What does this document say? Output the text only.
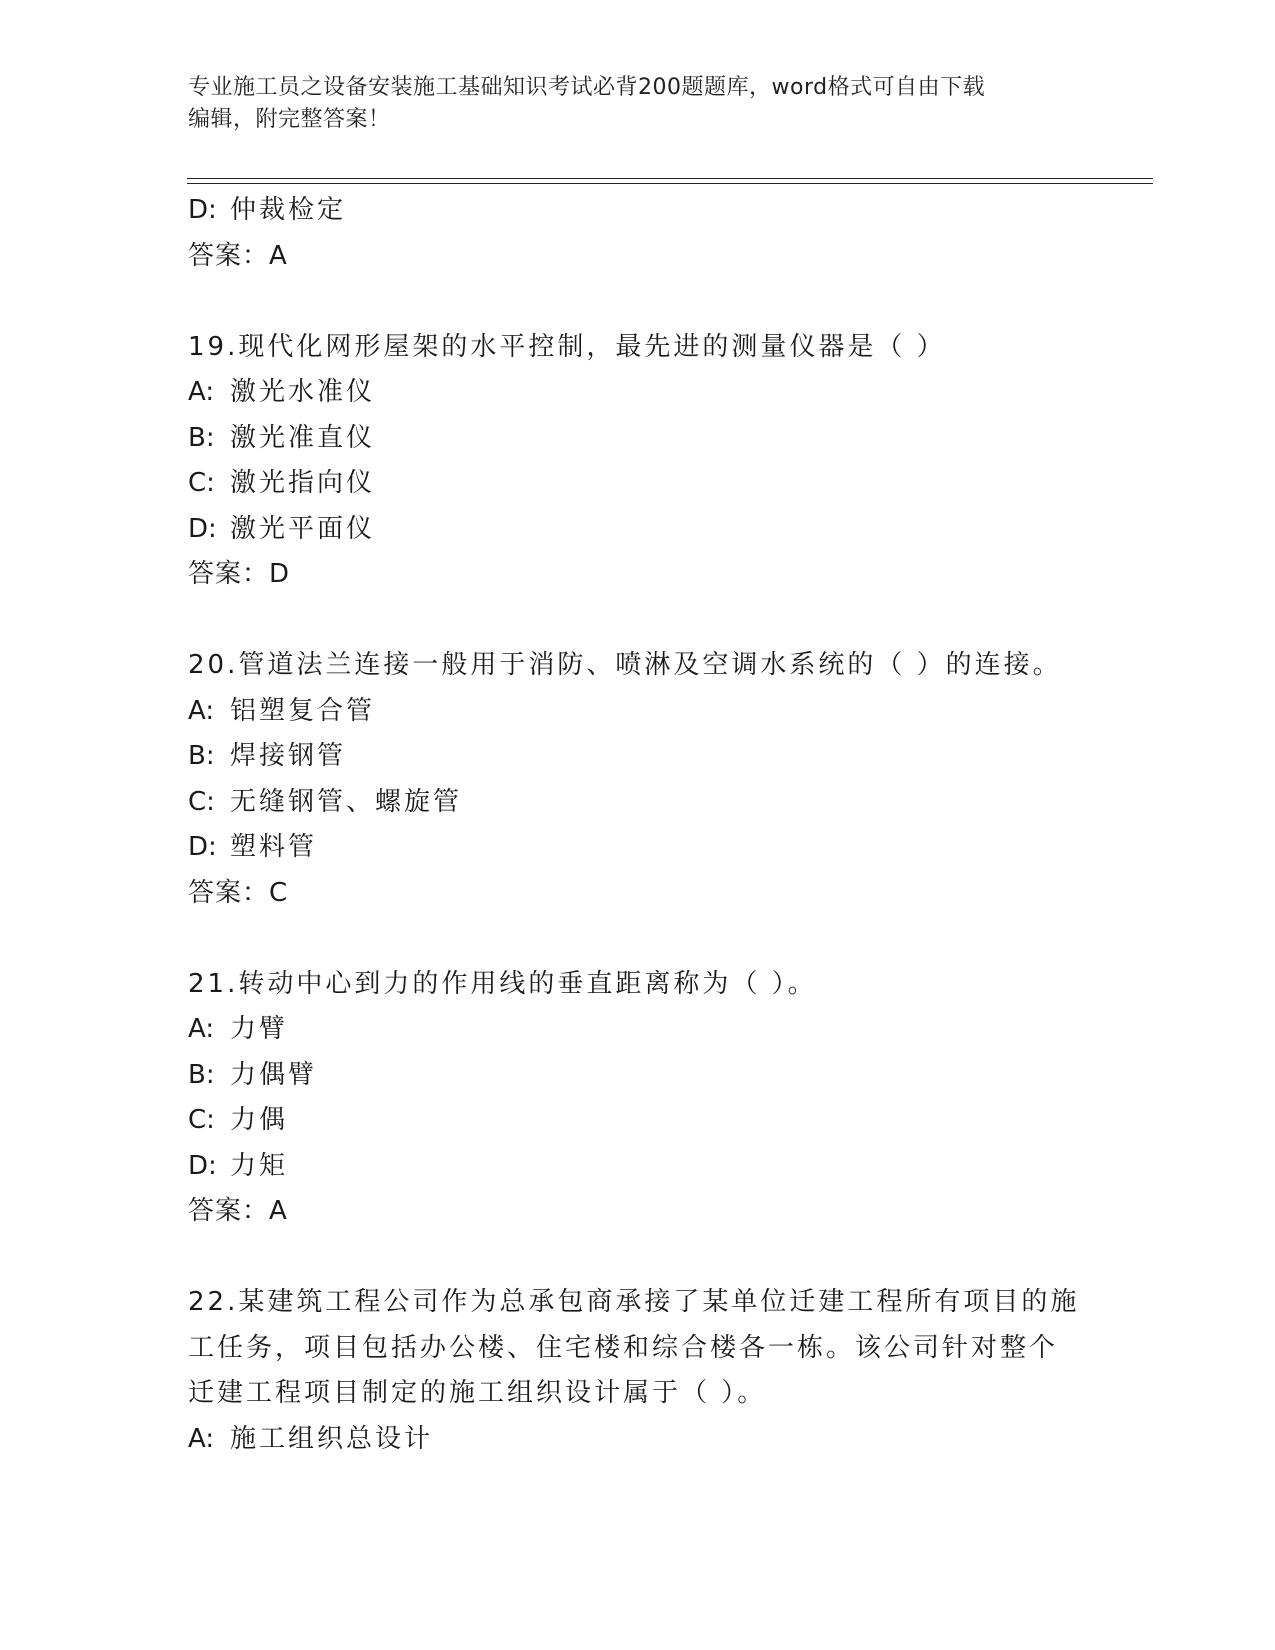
专业施工员之设备安装施工基础知识考试必背200题题库，word格式可自由下载
编辑，附完整答案！
D: 仲裁检定
答案：A
19.现代化网形屋架的水平控制，最先进的测量仪器是（ ）
A: 激光水准仪
B: 激光准直仪
C: 激光指向仪
D: 激光平面仪
答案：D
20.管道法兰连接一般用于消防、喷淋及空调水系统的（ ）的连接。
A: 铝塑复合管
B: 焊接钢管
C: 无缝钢管、螺旋管
D: 塑料管
答案：C
21.转动中心到力的作用线的垂直距离称为（ ）。
A: 力臂
B: 力偶臂
C: 力偶
D: 力矩
答案：A
22.某建筑工程公司作为总承包商承接了某单位迁建工程所有项目的施
工任务，项目包括办公楼、住宅楼和综合楼各一栋。该公司针对整个
迁建工程项目制定的施工组织设计属于（ ）。
A: 施工组织总设计
